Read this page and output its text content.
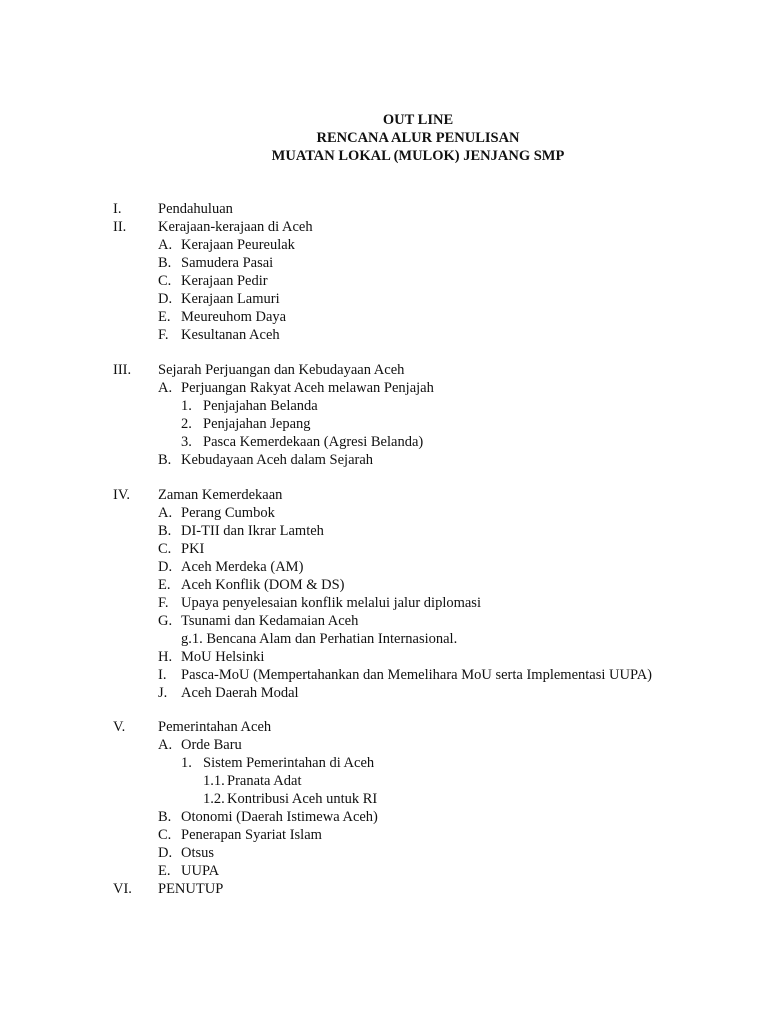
OUT LINE
RENCANA ALUR PENULISAN
MUATAN LOKAL (MULOK) JENJANG SMP
I.	Pendahuluan
II. Kerajaan-kerajaan di Aceh
A. Kerajaan Peureulak
B. Samudera Pasai
C. Kerajaan Pedir
D. Kerajaan Lamuri
E. Meureuhom Daya
F. Kesultanan Aceh
III. Sejarah Perjuangan dan Kebudayaan Aceh
A. Perjuangan Rakyat Aceh melawan Penjajah
1. Penjajahan Belanda
2. Penjajahan Jepang
3. Pasca Kemerdekaan (Agresi Belanda)
B. Kebudayaan Aceh dalam Sejarah
IV. Zaman Kemerdekaan
A. Perang Cumbok
B. DI-TII dan Ikrar Lamteh
C. PKI
D. Aceh Merdeka (AM)
E. Aceh Konflik (DOM & DS)
F. Upaya penyelesaian konflik melalui jalur diplomasi
G. Tsunami dan Kedamaian Aceh
g.1. Bencana Alam dan Perhatian Internasional.
H. MoU Helsinki
I. Pasca-MoU (Mempertahankan dan Memelihara MoU serta Implementasi UUPA)
J. Aceh Daerah Modal
V. Pemerintahan Aceh
A. Orde Baru
1. Sistem Pemerintahan di Aceh
1.1. Pranata Adat
1.2. Kontribusi Aceh untuk RI
B. Otonomi (Daerah Istimewa Aceh)
C. Penerapan Syariat Islam
D. Otsus
E. UUPA
VI. PENUTUP
